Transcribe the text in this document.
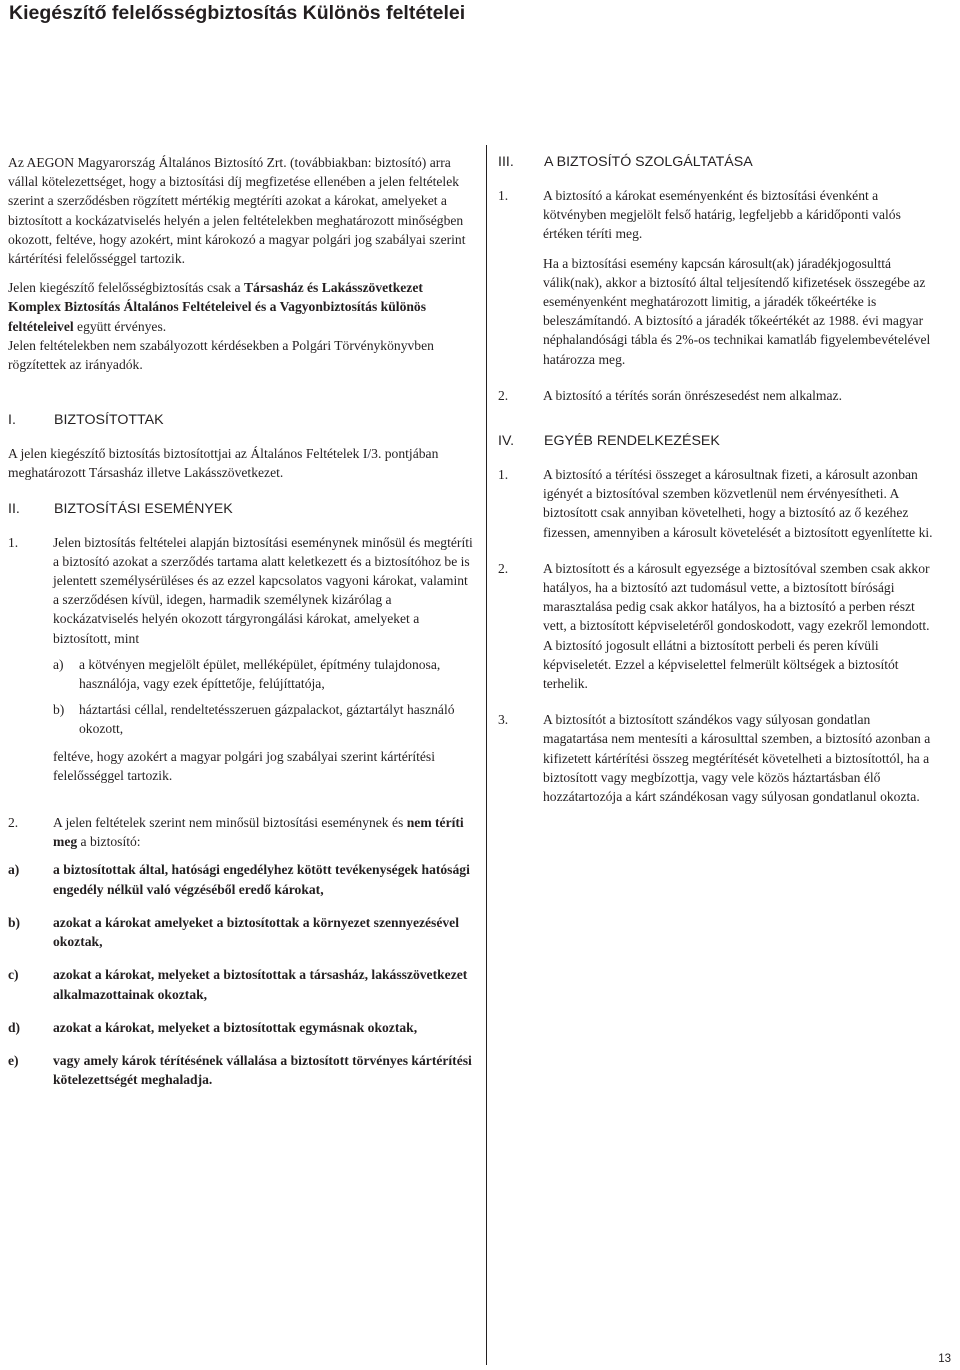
Kiegészítő felelősségbiztosítás Különös feltételei

Az AEGON Magyarország Általános Biztosító Zrt. (továbbiakban: biztosító) arra vállal kötelezettséget, hogy a biztosítási díj megfizetése ellenében a jelen feltételek szerint a szerződésben rögzített mértékig megtéríti azokat a károkat, amelyeket a biztosított a kockázatviselés helyén a jelen feltételekben meghatározott minőségben okozott, feltéve, hogy azokért, mint károkozó a magyar polgári jog szabályai szerint kártérítési felelősséggel tartozik.

Jelen kiegészítő felelősségbiztosítás csak a Társasház és Lakásszövetkezet Komplex Biztosítás Általános Feltételeivel és a Vagyonbiztosítás különös feltételeivel együtt érvényes.

Jelen feltételekben nem szabályozott kérdésekben a Polgári Törvénykönyvben rögzítettek az irányadók.

I.	BIZTOSÍTOTTAK

A jelen kiegészítő biztosítás biztosítottjai az Általános Feltételek I/3. pontjában meghatározott Társasház illetve Lakásszövetkezet.

II.	BIZTOSÍTÁSI ESEMÉNYEK
1.	Jelen biztosítás feltételei alapján biztosítási eseménynek minősül és megtéríti a biztosító azokat a szerződés tartama alatt keletkezett és a biztosítóhoz be is jelentett személysérüléses és az ezzel kapcsolatos vagyoni károkat, valamint a szerződésen kívül, idegen, harmadik személynek kizárólag a kockázatviselés helyén okozott tárgyrongálási károkat, amelyeket a biztosított, mint

a)	a kötvényen megjelölt épület, melléképület, építmény tulajdonosa, használója, vagy ezek építtetője, felújíttatója,
b)	háztartási céllal, rendeltetésszeruen gázpalackot, gáztartályt használó okozott,

feltéve, hogy azokért a magyar polgári jog szabályai szerint kártérítési felelősséggel tartozik.

2.	A jelen feltételek szerint nem minősül biztosítási eseménynek és nem téríti meg a biztosító:

a)	a biztosítottak által, hatósági engedélyhez kötött tevékenységek hatósági engedély nélkül való végzéséből eredő károkat,
b)	azokat a károkat amelyeket a biztosítottak a környezet szennyezésével okoztak,
c)	azokat a károkat, melyeket a biztosítottak a társasház, lakásszövetkezet alkalmazottainak okoztak,
d)	azokat a károkat, melyeket a biztosítottak egymásnak okoztak,
e)	vagy amely károk térítésének vállalása a biztosított törvényes kártérítési kötelezettségét meghaladja.
III.	A BIZTOSÍTÓ SZOLGÁLTATÁSA
1.	A biztosító a károkat eseményenként és biztosítási évenként a kötvényben megjelölt felső határig, legfeljebb a káridőponti valós értéken téríti meg.

Ha a biztosítási esemény kapcsán károsult(ak) járadékjogosulttá válik(nak), akkor a biztosító által teljesítendő kifizetések összegébe az eseményenként meghatározott limitig, a járadék tőkeértéke is beleszámítandó. A biztosító a járadék tőkeértékét az 1988. évi magyar néphalandósági tábla és 2%-os technikai kamatláb figyelembevételével határozza meg.

2.	A biztosító a térítés során önrészesedést nem alkalmaz.
IV.	EGYÉB RENDELKEZÉSEK
1.	A biztosító a térítési összeget a károsultnak fizeti, a károsult azonban igényét a biztosítóval szemben közvetlenül nem érvényesítheti. A biztosított csak annyiban követelheti, hogy a biztosító az ő kezéhez fizessen, amennyiben a károsult követelését a biztosított egyenlítette ki.
2.	A biztosított és a károsult egyezsége a biztosítóval szemben csak akkor hatályos, ha a biztosító azt tudomásul vette, a biztosított bírósági marasztalása pedig csak akkor hatályos, ha a biztosító a perben részt vett, a biztosított képviseletéről gondoskodott, vagy ezekről lemondott. A biztosító jogosult ellátni a biztosított perbeli és peren kívüli képviseletét. Ezzel a képviselettel felmerült költségek a biztosítót terhelik.
3.	A biztosítót a biztosított szándékos vagy súlyosan gondatlan magatartása nem mentesíti a károsulttal szemben, a biztosító azonban a kifizetett kártérítési összeg megtérítését követelheti a biztosítottól, ha a biztosított vagy megbízottja, vagy vele közös háztartásban élő hozzátartozója a kárt szándékosan vagy súlyosan gondatlanul okozta.
13
